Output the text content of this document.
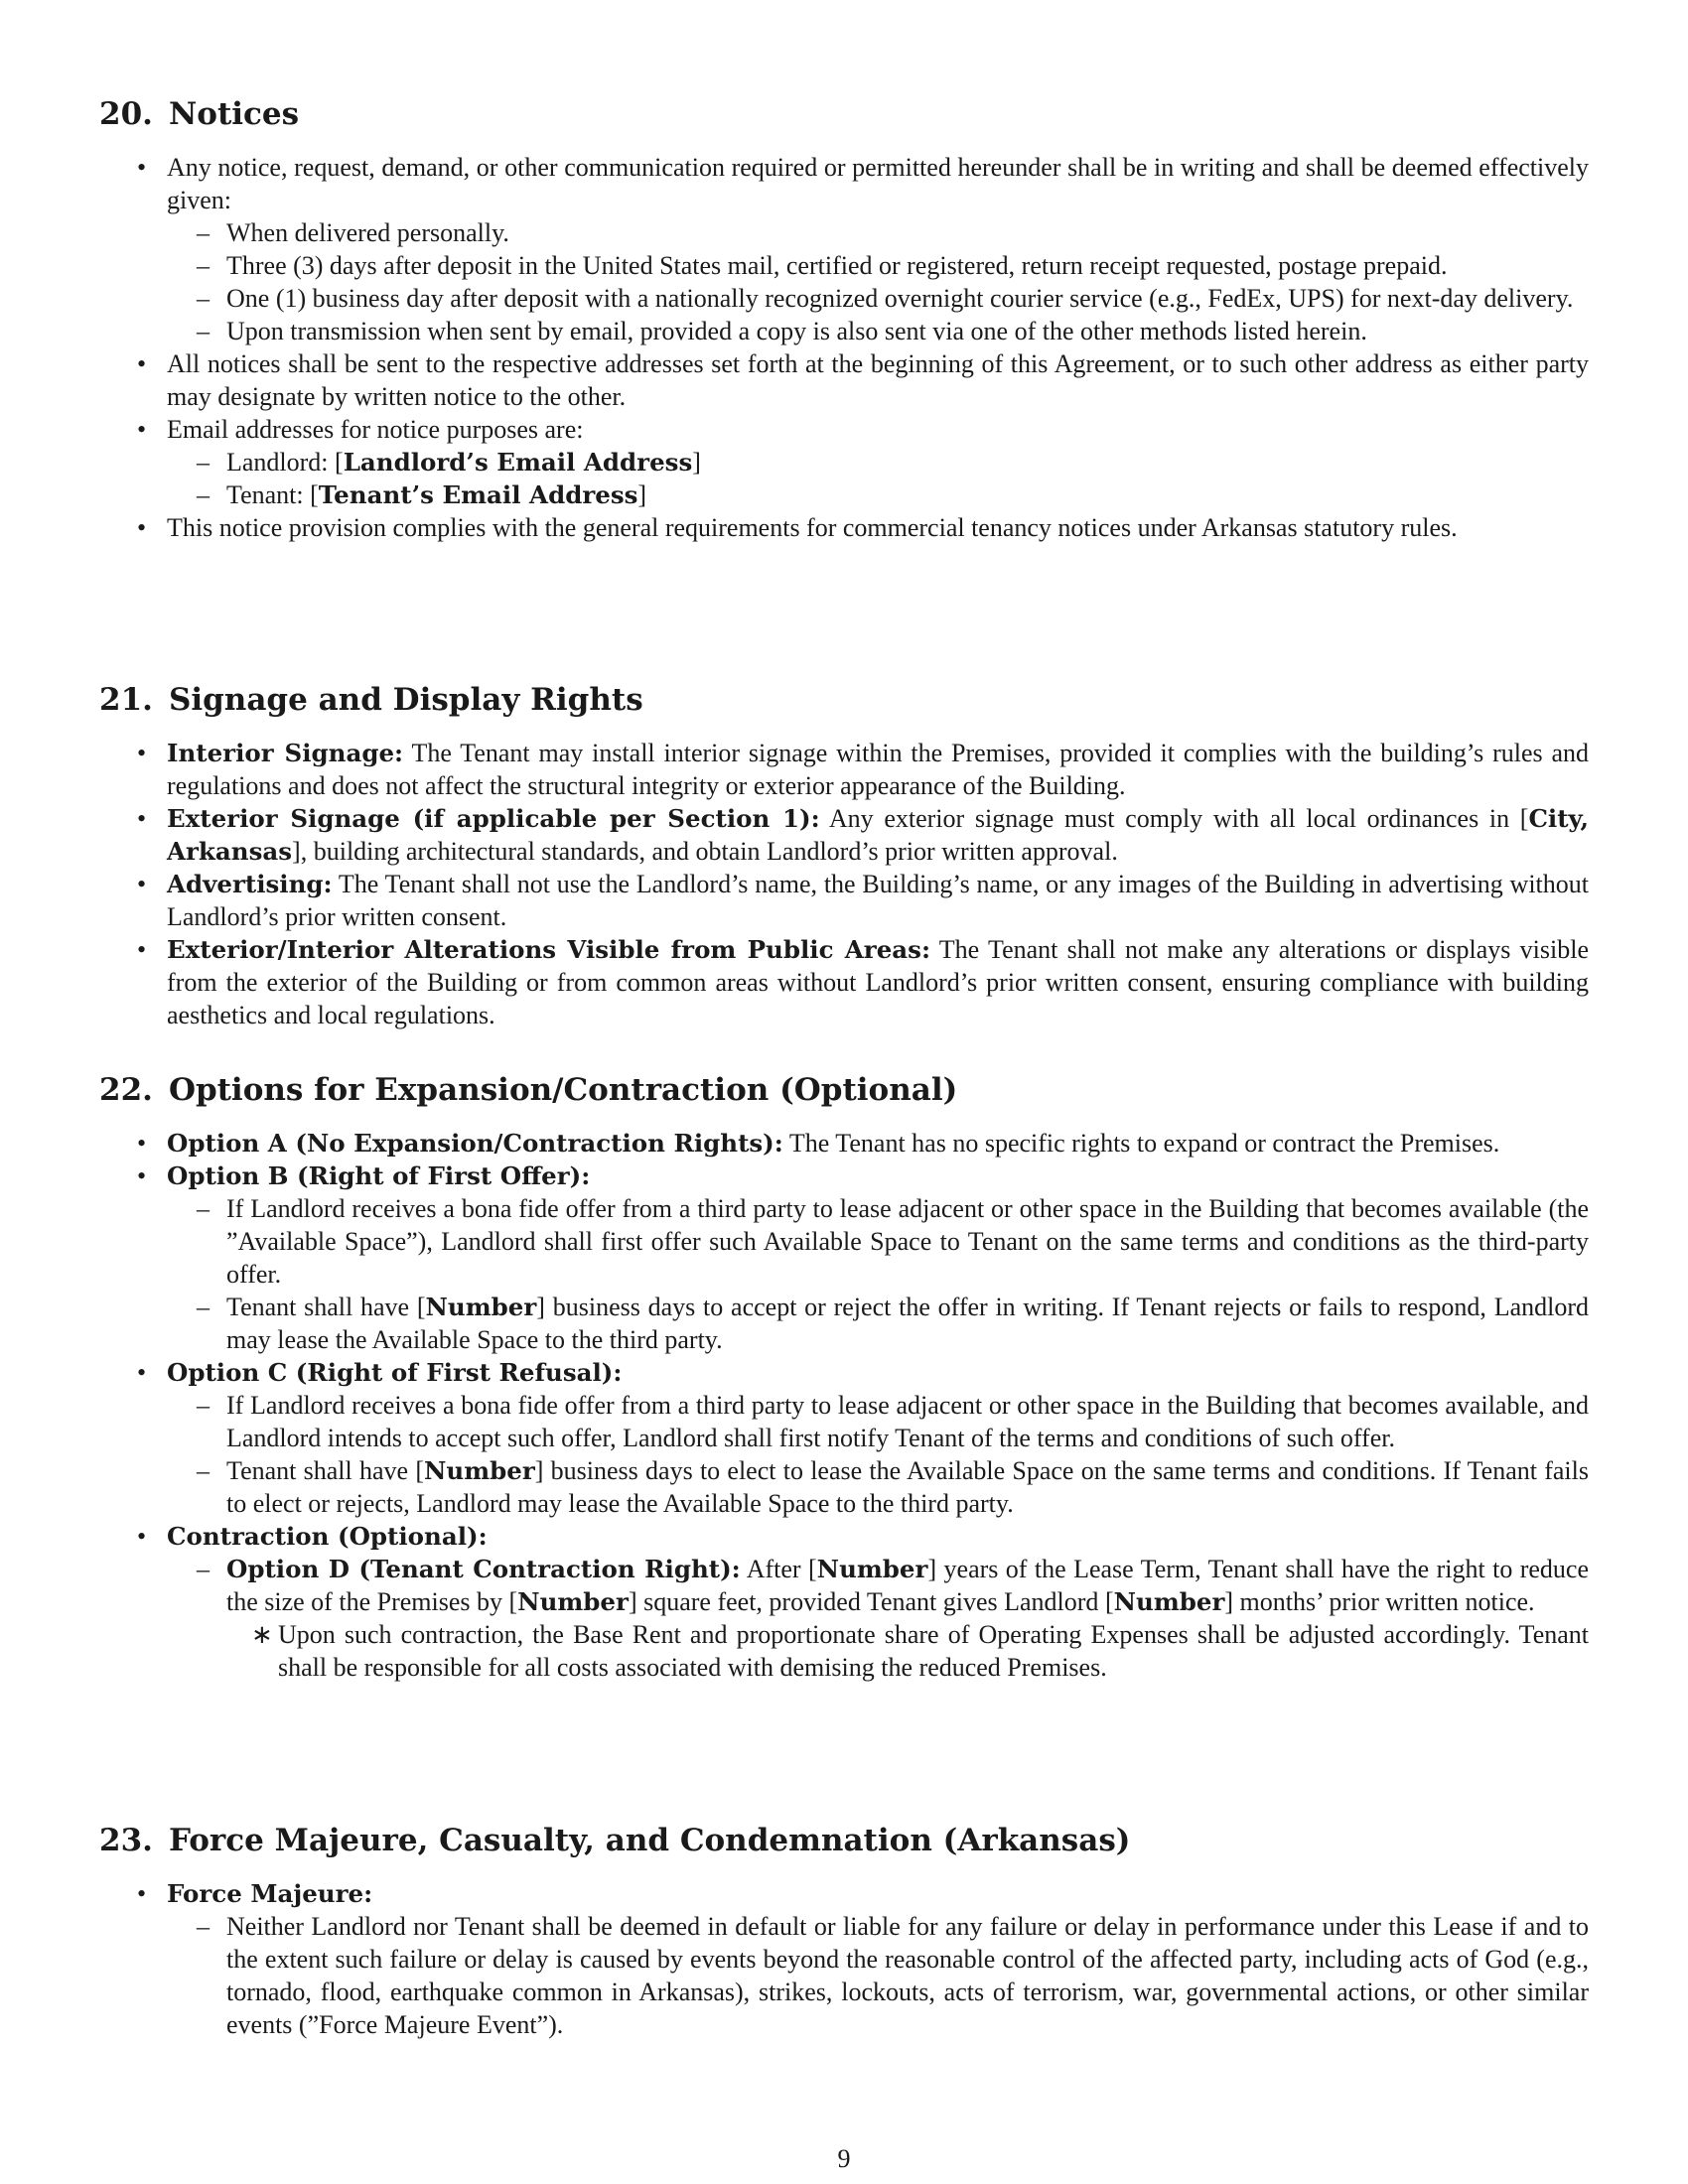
20. Notices
• Any notice, request, demand, or other communication required or permitted hereunder shall be in writing and shall be deemed effectively given:
– When delivered personally.
– Three (3) days after deposit in the United States mail, certified or registered, return receipt requested, postage prepaid.
– One (1) business day after deposit with a nationally recognized overnight courier service (e.g., FedEx, UPS) for next-day delivery.
– Upon transmission when sent by email, provided a copy is also sent via one of the other methods listed herein.
• All notices shall be sent to the respective addresses set forth at the beginning of this Agreement, or to such other address as either party may designate by written notice to the other.
• Email addresses for notice purposes are:
– Landlord: [Landlord’s Email Address]
– Tenant: [Tenant’s Email Address]
• This notice provision complies with the general requirements for commercial tenancy notices under Arkansas statutory rules.
21. Signage and Display Rights
• Interior Signage: The Tenant may install interior signage within the Premises, provided it complies with the building’s rules and regulations and does not affect the structural integrity or exterior appearance of the Building.
• Exterior Signage (if applicable per Section 1): Any exterior signage must comply with all local ordinances in [City, Arkansas], building architectural standards, and obtain Landlord’s prior written approval.
• Advertising: The Tenant shall not use the Landlord’s name, the Building’s name, or any images of the Building in advertising without Landlord’s prior written consent.
• Exterior/Interior Alterations Visible from Public Areas: The Tenant shall not make any alterations or displays visible from the exterior of the Building or from common areas without Landlord’s prior written consent, ensuring compliance with building aesthetics and local regulations.
22. Options for Expansion/Contraction (Optional)
• Option A (No Expansion/Contraction Rights): The Tenant has no specific rights to expand or contract the Premises.
• Option B (Right of First Offer):
– If Landlord receives a bona fide offer from a third party to lease adjacent or other space in the Building that becomes available (the ”Available Space”), Landlord shall first offer such Available Space to Tenant on the same terms and conditions as the third-party offer.
– Tenant shall have [Number] business days to accept or reject the offer in writing. If Tenant rejects or fails to respond, Landlord may lease the Available Space to the third party.
• Option C (Right of First Refusal):
– If Landlord receives a bona fide offer from a third party to lease adjacent or other space in the Building that becomes available, and Landlord intends to accept such offer, Landlord shall first notify Tenant of the terms and conditions of such offer.
– Tenant shall have [Number] business days to elect to lease the Available Space on the same terms and conditions. If Tenant fails to elect or rejects, Landlord may lease the Available Space to the third party.
• Contraction (Optional):
– Option D (Tenant Contraction Right): After [Number] years of the Lease Term, Tenant shall have the right to reduce the size of the Premises by [Number] square feet, provided Tenant gives Landlord [Number] months’ prior written notice.
∗ Upon such contraction, the Base Rent and proportionate share of Operating Expenses shall be adjusted accordingly. Tenant shall be responsible for all costs associated with demising the reduced Premises.
23. Force Majeure, Casualty, and Condemnation (Arkansas)
• Force Majeure:
– Neither Landlord nor Tenant shall be deemed in default or liable for any failure or delay in performance under this Lease if and to the extent such failure or delay is caused by events beyond the reasonable control of the affected party, including acts of God (e.g., tornado, flood, earthquake common in Arkansas), strikes, lockouts, acts of terrorism, war, governmental actions, or other similar events (”Force Majeure Event”).
9
